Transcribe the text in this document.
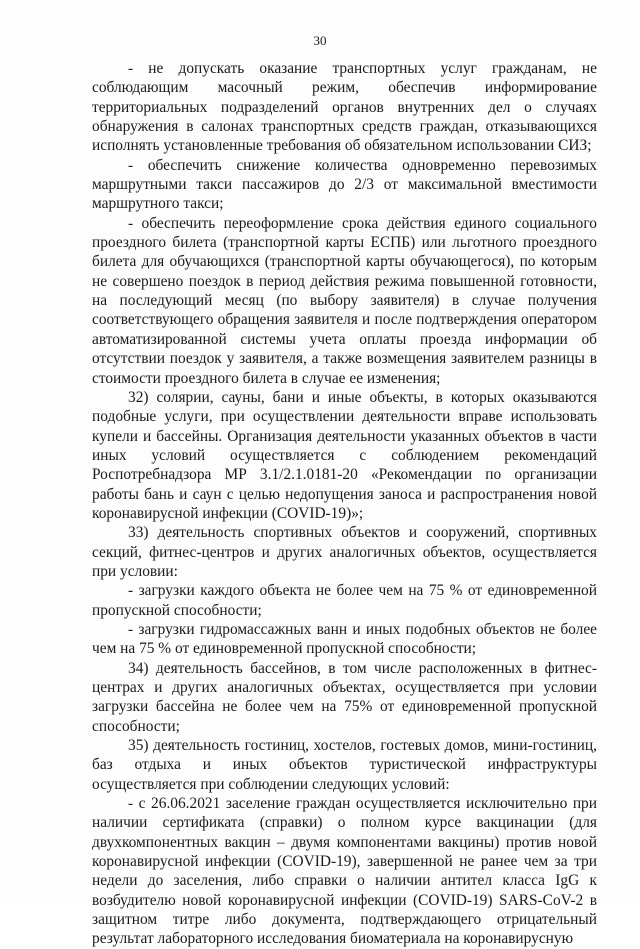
30

- не допускать оказание транспортных услуг гражданам, не соблюдающим масочный режим, обеспечив информирование территориальных подразделений органов внутренних дел о случаях обнаружения в салонах транспортных средств граждан, отказывающихся исполнять установленные требования об обязательном использовании СИЗ;

- обеспечить снижение количества одновременно перевозимых маршрутными такси пассажиров до 2/3 от максимальной вместимости маршрутного такси;

- обеспечить переоформление срока действия единого социального проездного билета (транспортной карты ЕСПБ) или льготного проездного билета для обучающихся (транспортной карты обучающегося), по которым не совершено поездок в период действия режима повышенной готовности, на последующий месяц (по выбору заявителя) в случае получения соответствующего обращения заявителя и после подтверждения оператором автоматизированной системы учета оплаты проезда информации об отсутствии поездок у заявителя, а также возмещения заявителем разницы в стоимости проездного билета в случае ее изменения;

32) солярии, сауны, бани и иные объекты, в которых оказываются подобные услуги, при осуществлении деятельности вправе использовать купели и бассейны. Организация деятельности указанных объектов в части иных условий осуществляется с соблюдением рекомендаций Роспотребнадзора МР 3.1/2.1.0181-20 «Рекомендации по организации работы бань и саун с целью недопущения заноса и распространения новой коронавирусной инфекции (COVID-19)»;

33) деятельность спортивных объектов и сооружений, спортивных секций, фитнес-центров и других аналогичных объектов, осуществляется при условии:

- загрузки каждого объекта не более чем на 75 % от единовременной пропускной способности;

- загрузки гидромассажных ванн и иных подобных объектов не более чем на 75 % от единовременной пропускной способности;

34) деятельность бассейнов, в том числе расположенных в фитнес-центрах и других аналогичных объектах, осуществляется при условии загрузки бассейна не более чем на 75% от единовременной пропускной способности;

35) деятельность гостиниц, хостелов, гостевых домов, мини-гостиниц, баз отдыха и иных объектов туристической инфраструктуры осуществляется при соблюдении следующих условий:

- с 26.06.2021 заселение граждан осуществляется исключительно при наличии сертификата (справки) о полном курсе вакцинации (для двухкомпонентных вакцин – двумя компонентами вакцины) против новой коронавирусной инфекции (COVID-19), завершенной не ранее чем за три недели до заселения, либо справки о наличии антител класса IgG к возбудителю новой коронавирусной инфекции (COVID-19) SARS-CoV-2 в защитном титре либо документа, подтверждающего отрицательный результат лабораторного исследования биоматериала на коронавирусную
